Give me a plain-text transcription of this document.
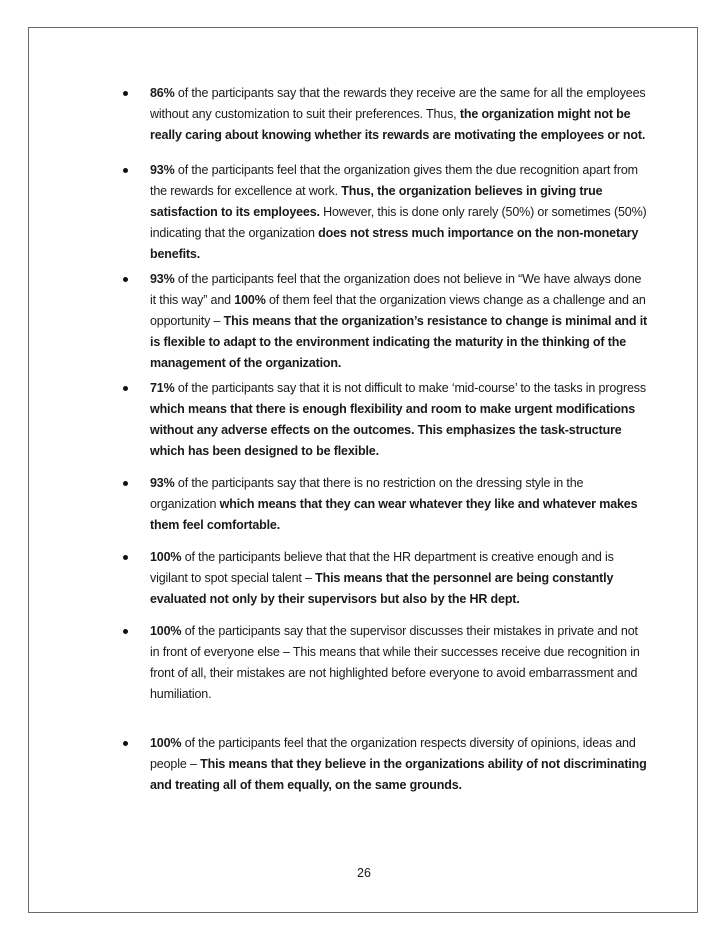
86% of the participants say that the rewards they receive are the same for all the employees without any customization to suit their preferences. Thus, the organization might not be really caring about knowing whether its rewards are motivating the employees or not.
93% of the participants feel that the organization gives them the due recognition apart from the rewards for excellence at work. Thus, the organization believes in giving true satisfaction to its employees. However, this is done only rarely (50%) or sometimes (50%) indicating that the organization does not stress much importance on the non-monetary benefits.
93% of the participants feel that the organization does not believe in “We have always done it this way” and 100% of them feel that the organization views change as a challenge and an opportunity – This means that the organization’s resistance to change is minimal and it is flexible to adapt to the environment indicating the maturity in the thinking of the management of the organization.
71% of the participants say that it is not difficult to make ‘mid-course’ to the tasks in progress which means that there is enough flexibility and room to make urgent modifications without any adverse effects on the outcomes. This emphasizes the task-structure which has been designed to be flexible.
93% of the participants say that there is no restriction on the dressing style in the organization which means that they can wear whatever they like and whatever makes them feel comfortable.
100% of the participants believe that that the HR department is creative enough and is vigilant to spot special talent – This means that the personnel are being constantly evaluated not only by their supervisors but also by the HR dept.
100% of the participants say that the supervisor discusses their mistakes in private and not in front of everyone else – This means that while their successes receive due recognition in front of all, their mistakes are not highlighted before everyone to avoid embarrassment and humiliation.
100% of the participants feel that the organization respects diversity of opinions, ideas and people – This means that they believe in the organizations ability of not discriminating and treating all of them equally, on the same grounds.
26
